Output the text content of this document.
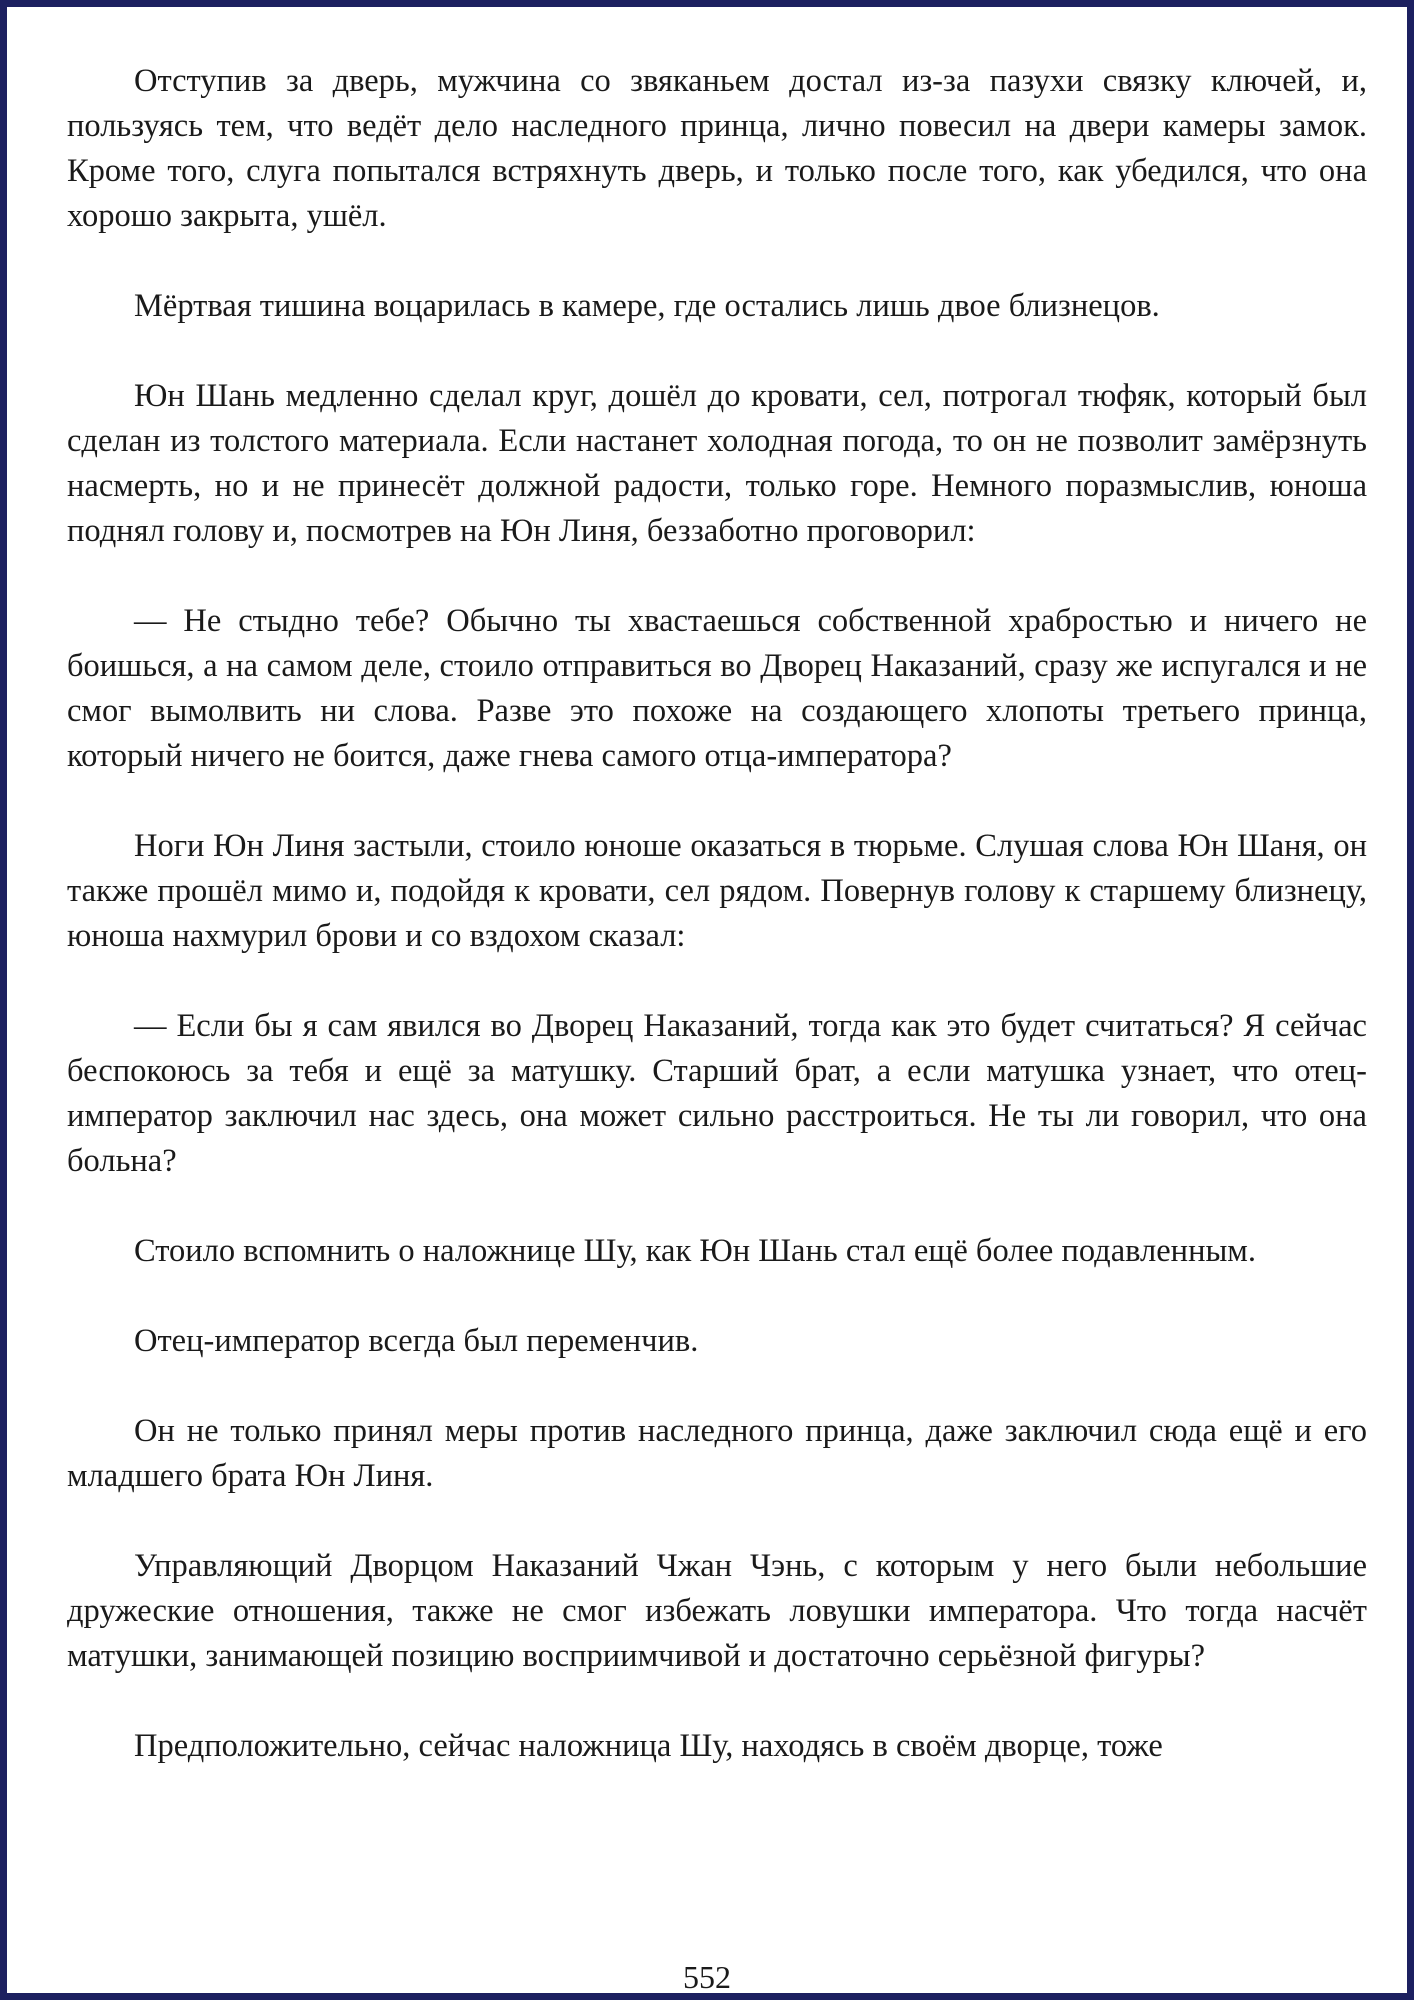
Отступив за дверь, мужчина со звяканьем достал из-за пазухи связку ключей, и, пользуясь тем, что ведёт дело наследного принца, лично повесил на двери камеры замок. Кроме того, слуга попытался встряхнуть дверь, и только после того, как убедился, что она хорошо закрыта, ушёл.

Мёртвая тишина воцарилась в камере, где остались лишь двое близнецов.

Юн Шань медленно сделал круг, дошёл до кровати, сел, потрогал тюфяк, который был сделан из толстого материала. Если настанет холодная погода, то он не позволит замёрзнуть насмерть, но и не принесёт должной радости, только горе. Немного поразмыслив, юноша поднял голову и, посмотрев на Юн Линя, беззаботно проговорил:

— Не стыдно тебе? Обычно ты хвастаешься собственной храбростью и ничего не боишься, а на самом деле, стоило отправиться во Дворец Наказаний, сразу же испугался и не смог вымолвить ни слова. Разве это похоже на создающего хлопоты третьего принца, который ничего не боится, даже гнева самого отца-императора?

Ноги Юн Линя застыли, стоило юноше оказаться в тюрьме. Слушая слова Юн Шаня, он также прошёл мимо и, подойдя к кровати, сел рядом. Повернув голову к старшему близнецу, юноша нахмурил брови и со вздохом сказал:

— Если бы я сам явился во Дворец Наказаний, тогда как это будет считаться? Я сейчас беспокоюсь за тебя и ещё за матушку. Старший брат, а если матушка узнает, что отец-император заключил нас здесь, она может сильно расстроиться. Не ты ли говорил, что она больна?

Стоило вспомнить о наложнице Шу, как Юн Шань стал ещё более подавленным.

Отец-император всегда был переменчив.

Он не только принял меры против наследного принца, даже заключил сюда ещё и его младшего брата Юн Линя.

Управляющий Дворцом Наказаний Чжан Чэнь, с которым у него были небольшие дружеские отношения, также не смог избежать ловушки императора. Что тогда насчёт матушки, занимающей позицию восприимчивой и достаточно серьёзной фигуры?

Предположительно, сейчас наложница Шу, находясь в своём дворце, тоже

552
